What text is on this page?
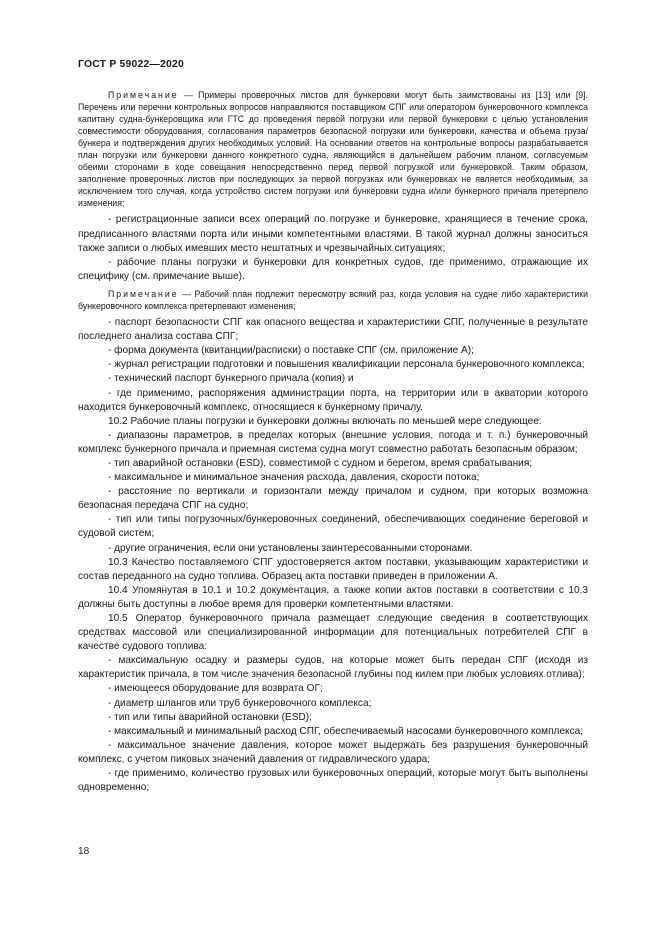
ГОСТ Р 59022—2020

Примечание — Примеры проверочных листов для бункеровки могут быть заимствованы из [13] или [9]. Перечень или перечни контрольных вопросов направляются поставщиком СПГ или оператором бункеровочного комплекса капитану судна-бункеровщика или ГТС до проведения первой погрузки или первой бункеровки с целью установления совместимости оборудования, согласования параметров безопасной погрузки или бункеровки, качества и объема груза/бункера и подтверждения других необходимых условий. На основании ответов на контрольные вопросы разрабатывается план погрузки или бункеровки данного конкретного судна, являющийся в дальнейшем рабочим планом, согласуемым обеими сторонами в ходе совещания непосредственно перед первой погрузкой или бункеровкой. Таким образом, заполнение проверочных листов при последующих за первой погрузках или бункеровках не является необходимым, за исключением того случая, когда устройство систем погрузки или бункеровки судна и/или бункерного причала претерпело изменения;

- регистрационные записи всех операций по погрузке и бункеровке, хранящиеся в течение срока, предписанного властями порта или иными компетентными властями. В такой журнал должны заноситься также записи о любых имевших место нештатных и чрезвычайных ситуациях;

- рабочие планы погрузки и бункеровки для конкретных судов, где применимо, отражающие их специфику (см. примечание выше).

Примечание — Рабочий план подлежит пересмотру всякий раз, когда условия на судне либо характеристики бункеровочного комплекса претерпевают изменения;

- паспорт безопасности СПГ как опасного вещества и характеристики СПГ, полученные в результате последнего анализа состава СПГ;

- форма документа (квитанции/расписки) о поставке СПГ (см. приложение А);

- журнал регистрации подготовки и повышения квалификации персонала бункеровочного комплекса;

- технический паспорт бункерного причала (копия) и

- где применимо, распоряжения администрации порта, на территории или в акватории которого находится бункеровочный комплекс, относящиеся к бункерному причалу.

10.2 Рабочие планы погрузки и бункеровки должны включать по меньшей мере следующее:

- диапазоны параметров, в пределах которых (внешние условия, погода и т. п.) бункеровочный комплекс бункерного причала и приемная система судна могут совместно работать безопасным образом;

- тип аварийной остановки (ESD), совместимой с судном и берегом, время срабатывания;

- максимальное и минимальное значения расхода, давления, скорости потока;

- расстояние по вертикали и горизонтали между причалом и судном, при которых возможна безопасная передача СПГ на судно;

- тип или типы погрузочных/бункеровочных соединений, обеспечивающих соединение береговой и судовой систем;

- другие ограничения, если они установлены заинтересованными сторонами.

10.3 Качество поставляемого СПГ удостоверяется актом поставки, указывающим характеристики и состав переданного на судно топлива. Образец акта поставки приведен в приложении А.

10.4 Упомянутая в 10.1 и 10.2 документация, а также копии актов поставки в соответствии с 10.3 должны быть доступны в любое время для проверки компетентными властями.

10.5 Оператор бункеровочного причала размещает следующие сведения в соответствующих средствах массовой или специализированной информации для потенциальных потребителей СПГ в качестве судового топлива:

- максимальную осадку и размеры судов, на которые может быть передан СПГ (исходя из характеристик причала, в том числе значения безопасной глубины под килем при любых условиях отлива);

- имеющееся оборудование для возврата ОГ;

- диаметр шлангов или труб бункеровочного комплекса;

- тип или типы аварийной остановки (ESD);

- максимальный и минимальный расход СПГ, обеспечиваемый насосами бункеровочного комплекса;

- максимальное значение давления, которое может выдержать без разрушения бункеровочный комплекс, с учетом пиковых значений давления от гидравлического удара;

- где применимо, количество грузовых или бункеровочных операций, которые могут быть выполнены одновременно;

18
